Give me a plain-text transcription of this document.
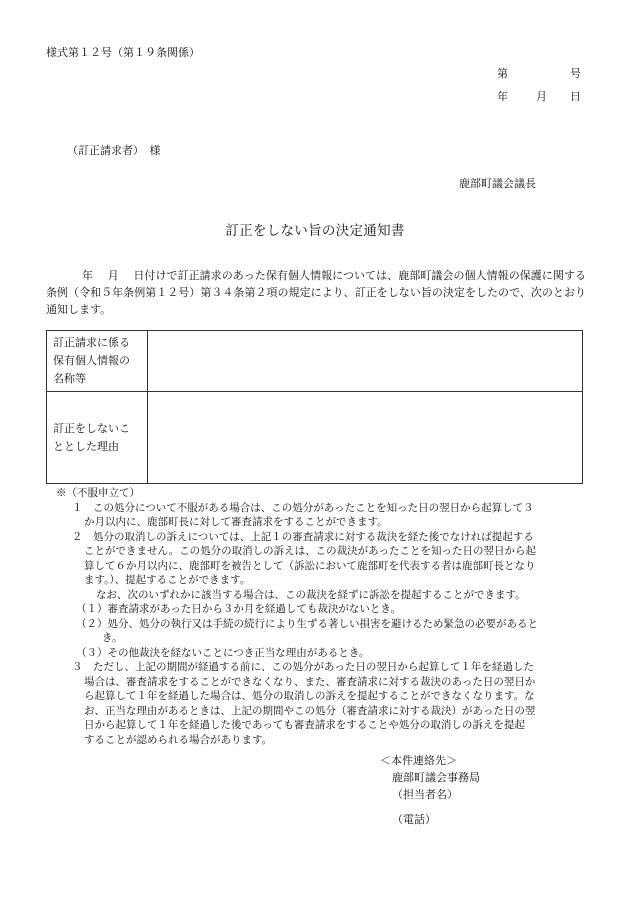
様式第１２号（第１９条関係）
第	号
年	月 日
（訂正請求者）　様
鹿部町議会議長
訂正をしない旨の決定通知書
年　 月 　日付けで訂正請求のあった保有個人情報については、鹿部町議会の個人情報の保護に関する条例（令和５年条例第１２号）第３４条第２項の規定により、訂正をしない旨の決定をしたので、次のとおり通知します。
訂正請求に係る
保有個人情報の
名称等	
訂正をしないこ
ととした理由	

※（不服申立て）

１　この処分について不服がある場合は、この処分があったことを知った日の翌日から起算して３

か月以内に、鹿部町長に対して審査請求をすることができます。

２　処分の取消しの訴えについては、上記１の審査請求に対する裁決を経た後でなければ提起する

ことができません。この処分の取消しの訴えは、この裁決があったことを知った日の翌日から起

算して６か月以内に、鹿部町を被告として（訴訟において鹿部町を代表する者は鹿部町長となり

ます。）、提起することができます。

なお、次のいずれかに該当する場合は、この裁決を経ずに訴訟を提起することができます。

（１）審査請求があった日から３か月を経過しても裁決がないとき。

（２）処分、処分の執行又は手続の続行により生ずる著しい損害を避けるため緊急の必要があると

き。

（３）その他裁決を経ないことにつき正当な理由があるとき。

３　ただし、上記の期間が経過する前に、この処分があった日の翌日から起算して１年を経過した

場合は、審査請求をすることができなくなり、また、審査請求に対する裁決のあった日の翌日か

ら起算して１年を経過した場合は、処分の取消しの訴えを提起することができなくなります。な

お、正当な理由があるときは、上記の期間やこの処分（審査請求に対する裁決）があった日の翌

日から起算して１年を経過した後であっても審査請求をすることや処分の取消しの訴えを提起

することが認められる場合があります。

＜本件連絡先＞
鹿部町議会事務局
（担当者名）
（電話）
